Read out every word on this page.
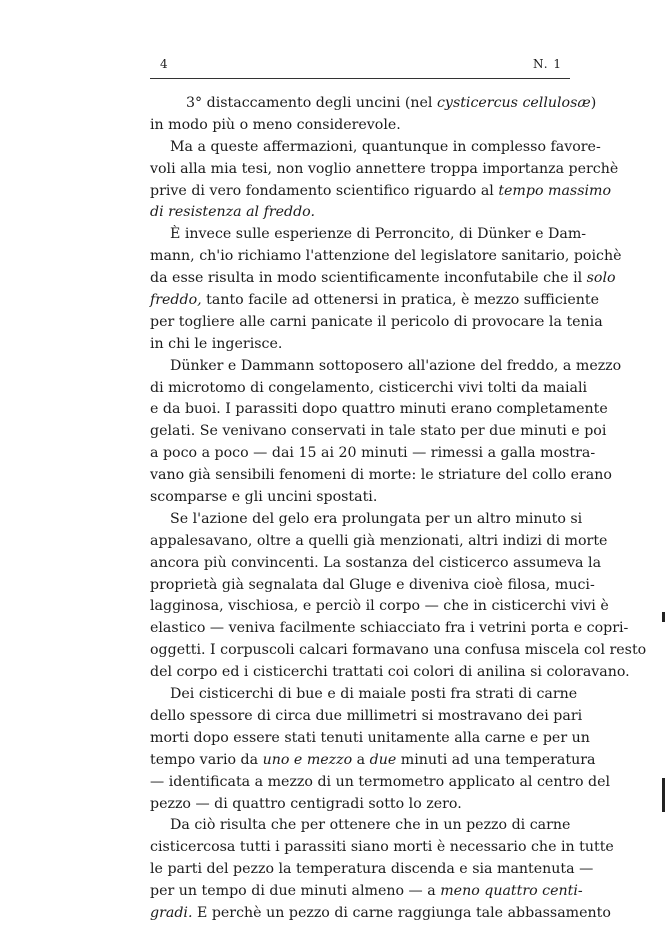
4	N. 1
3° distaccamento degli uncini (nel cysticercus cellulosæ)
in modo più o meno considerevole.
Ma a queste affermazioni, quantunque in complesso favore-
voli alla mia tesi, non voglio annettere troppa importanza perchè
prive di vero fondamento scientifico riguardo al tempo massimo
di resistenza al freddo.
È invece sulle esperienze di Perroncito, di Dünker e Dam-
mann, ch'io richiamo l'attenzione del legislatore sanitario, poichè
da esse risulta in modo scientificamente inconfutabile che il solo
freddo, tanto facile ad ottenersi in pratica, è mezzo sufficiente
per togliere alle carni panicate il pericolo di provocare la tenia
in chi le ingerisce.
Dünker e Dammann sottoposero all'azione del freddo, a mezzo
di microtomo di congelamento, cisticerchi vivi tolti da maiali
e da buoi. I parassiti dopo quattro minuti erano completamente
gelati. Se venivano conservati in tale stato per due minuti e poi
a poco a poco — dai 15 ai 20 minuti — rimessi a galla mostra-
vano già sensibili fenomeni di morte: le striature del collo erano
scomparse e gli uncini spostati.
Se l'azione del gelo era prolungata per un altro minuto si
appalesavano, oltre a quelli già menzionati, altri indizi di morte
ancora più convincenti. La sostanza del cisticerco assumeva la
proprietà già segnalata dal Gluge e diveniva cioè filosa, muci-
lagginosa, vischiosa, e perciò il corpo — che in cisticerchi vivi è
elastico — veniva facilmente schiacciato fra i vetrini porta e copri-
oggetti. I corpuscoli calcari formavano una confusa miscela col resto
del corpo ed i cisticerchi trattati coi colori di anilina si coloravano.
Dei cisticerchi di bue e di maiale posti fra strati di carne
dello spessore di circa due millimetri si mostravano dei pari
morti dopo essere stati tenuti unitamente alla carne e per un
tempo vario da uno e mezzo a due minuti ad una temperatura
— identificata a mezzo di un termometro applicato al centro del
pezzo — di quattro centigradi sotto lo zero.
Da ciò risulta che per ottenere che in un pezzo di carne
cisticercosa tutti i parassiti siano morti è necessario che in tutte
le parti del pezzo la temperatura discenda e sia mantenuta —
per un tempo di due minuti almeno — a meno quattro centi-
gradi. E perchè un pezzo di carne raggiunga tale abbassamento
